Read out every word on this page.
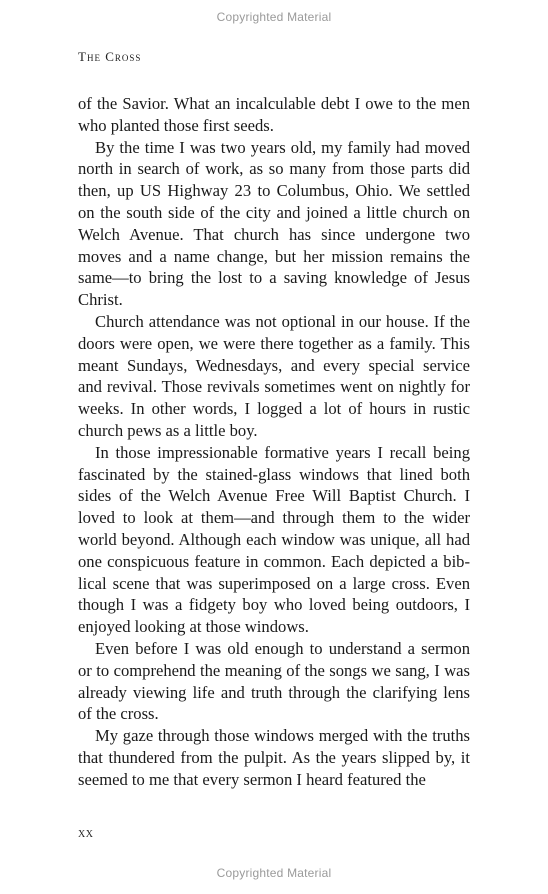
Copyrighted Material
The Cross

of the Savior. What an incalculable debt I owe to the men who planted those first seeds.

By the time I was two years old, my family had moved north in search of work, as so many from those parts did then, up US Highway 23 to Columbus, Ohio. We settled on the south side of the city and joined a little church on Welch Avenue. That church has since undergone two moves and a name change, but her mission remains the same—to bring the lost to a saving knowledge of Jesus Christ.

Church attendance was not optional in our house. If the doors were open, we were there together as a family. This meant Sundays, Wednesdays, and every special service and revival. Those revivals sometimes went on nightly for weeks. In other words, I logged a lot of hours in rustic church pews as a little boy.

In those impressionable formative years I recall being fascinated by the stained-glass windows that lined both sides of the Welch Avenue Free Will Baptist Church. I loved to look at them—and through them to the wider world beyond. Although each window was unique, all had one conspicuous feature in common. Each depicted a bib-lical scene that was superimposed on a large cross. Even though I was a fidgety boy who loved being outdoors, I enjoyed looking at those windows.

Even before I was old enough to understand a sermon or to comprehend the meaning of the songs we sang, I was already viewing life and truth through the clarifying lens of the cross.

My gaze through those windows merged with the truths that thundered from the pulpit. As the years slipped by, it seemed to me that every sermon I heard featured the

xx
Copyrighted Material
